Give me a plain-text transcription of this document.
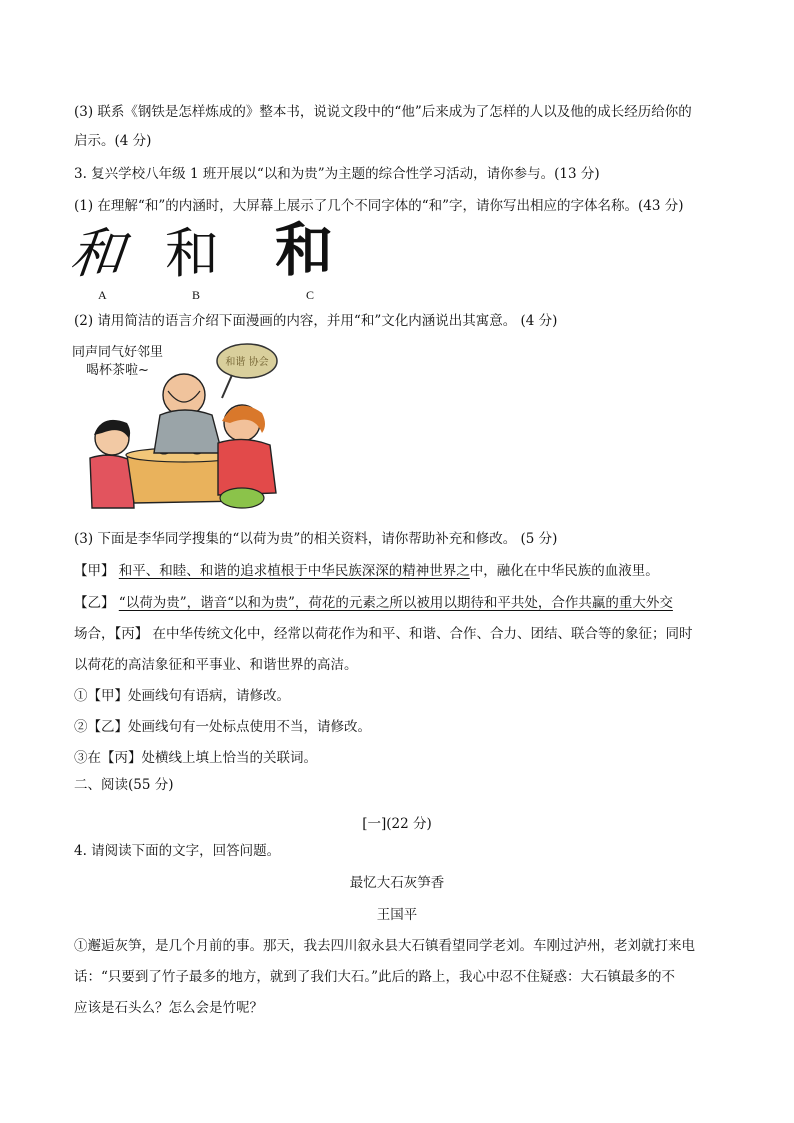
(3) 联系《钢铁是怎样炼成的》整本书，说说文段中的“他”后来成为了怎样的人以及他的成长经历给你的
启示。(4 分)
3. 复兴学校八年级 1 班开展以“以和为贵”为主题的综合性学习活动，请你参与。(13 分)
(1) 在理解“和”的内涵时，大屏幕上展示了几个不同字体的“和”字，请你写出相应的字体名称。(43 分)
和 和 和
A	B	C
(2) 请用简洁的语言介绍下面漫画的内容，并用“和”文化内涵说出其寓意。 (4 分)
同声同气好邻里
喝杯茶啦~
和谐 协会
(3) 下面是李华同学搜集的“以荷为贵”的相关资料，请你帮助补充和修改。 (5 分)
【甲】 和平、和睦、和谐的追求植根于中华民族深深的精神世界之中，融化在中华民族的血液里。
【乙】 “以荷为贵”，谐音“以和为贵”，荷花的元素之所以被用以期待和平共处，合作共赢的重大外交
场合，【丙】 在中华传统文化中，经常以荷花作为和平、和谐、合作、合力、团结、联合等的象征；同时
以荷花的高洁象征和平事业、和谐世界的高洁。
①【甲】处画线句有语病，请修改。
②【乙】处画线句有一处标点使用不当，请修改。
③在【丙】处横线上填上恰当的关联词。
二、阅读(55 分)
[一](22 分)
4. 请阅读下面的文字，回答问题。
最忆大石灰笋香
王国平
①邂逅灰笋，是几个月前的事。那天，我去四川叙永县大石镇看望同学老刘。车刚过泸州，老刘就打来电
话：“只要到了竹子最多的地方，就到了我们大石。”此后的路上，我心中忍不住疑惑：大石镇最多的不
应该是石头么？怎么会是竹呢？
